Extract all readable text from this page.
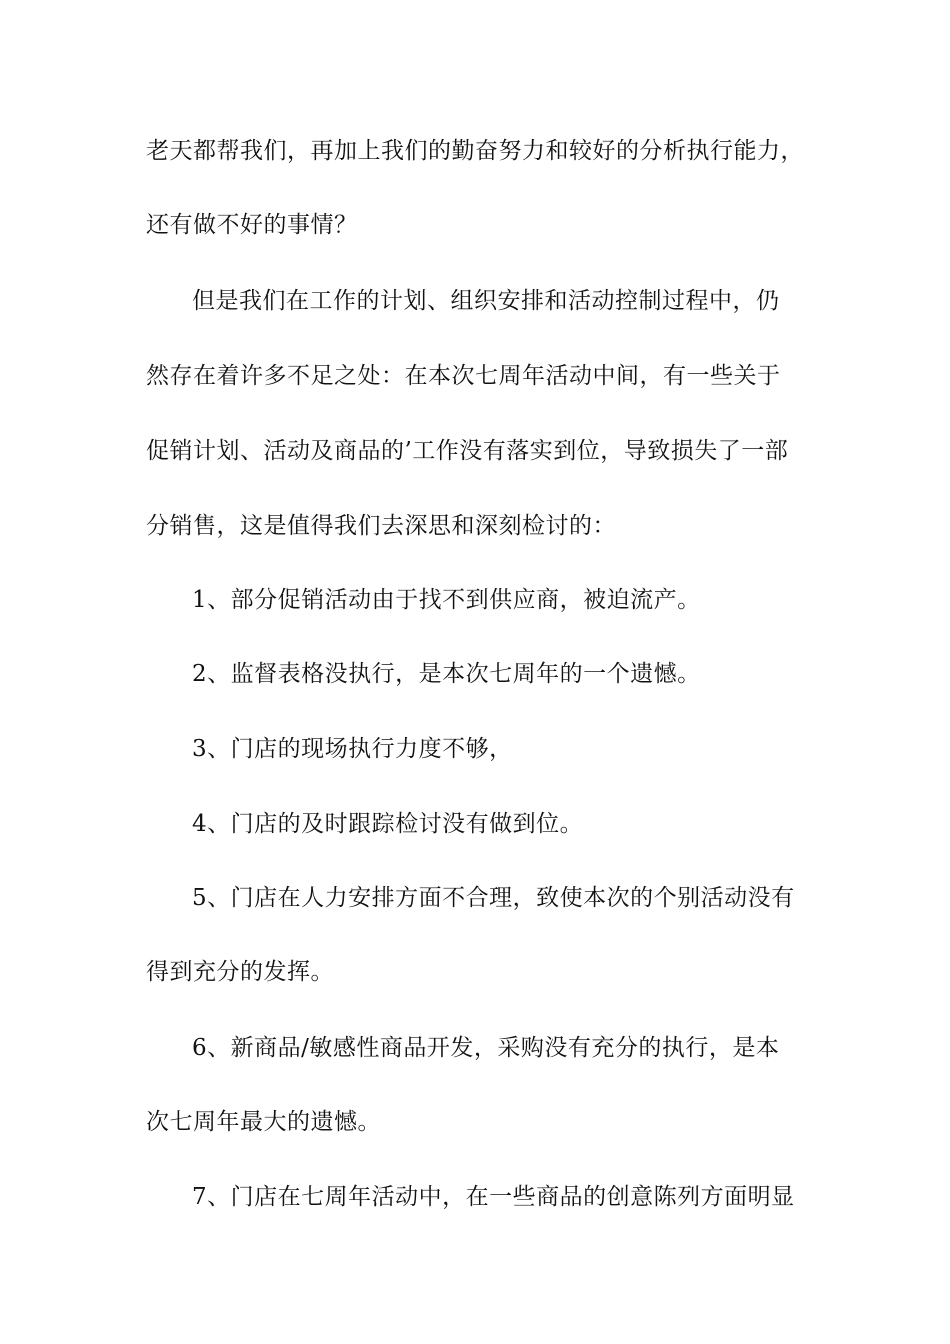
老天都帮我们，再加上我们的勤奋努力和较好的分析执行能力，
还有做不好的事情？
但是我们在工作的计划、组织安排和活动控制过程中，仍
然存在着许多不足之处：在本次七周年活动中间，有一些关于
促销计划、活动及商品的’工作没有落实到位，导致损失了一部
分销售，这是值得我们去深思和深刻检讨的：
1、部分促销活动由于找不到供应商，被迫流产。
2、监督表格没执行，是本次七周年的一个遗憾。
3、门店的现场执行力度不够，
4、门店的及时跟踪检讨没有做到位。
5、门店在人力安排方面不合理，致使本次的个别活动没有
得到充分的发挥。
6、新商品/敏感性商品开发，采购没有充分的执行，是本
次七周年最大的遗憾。
7、门店在七周年活动中，在一些商品的创意陈列方面明显
